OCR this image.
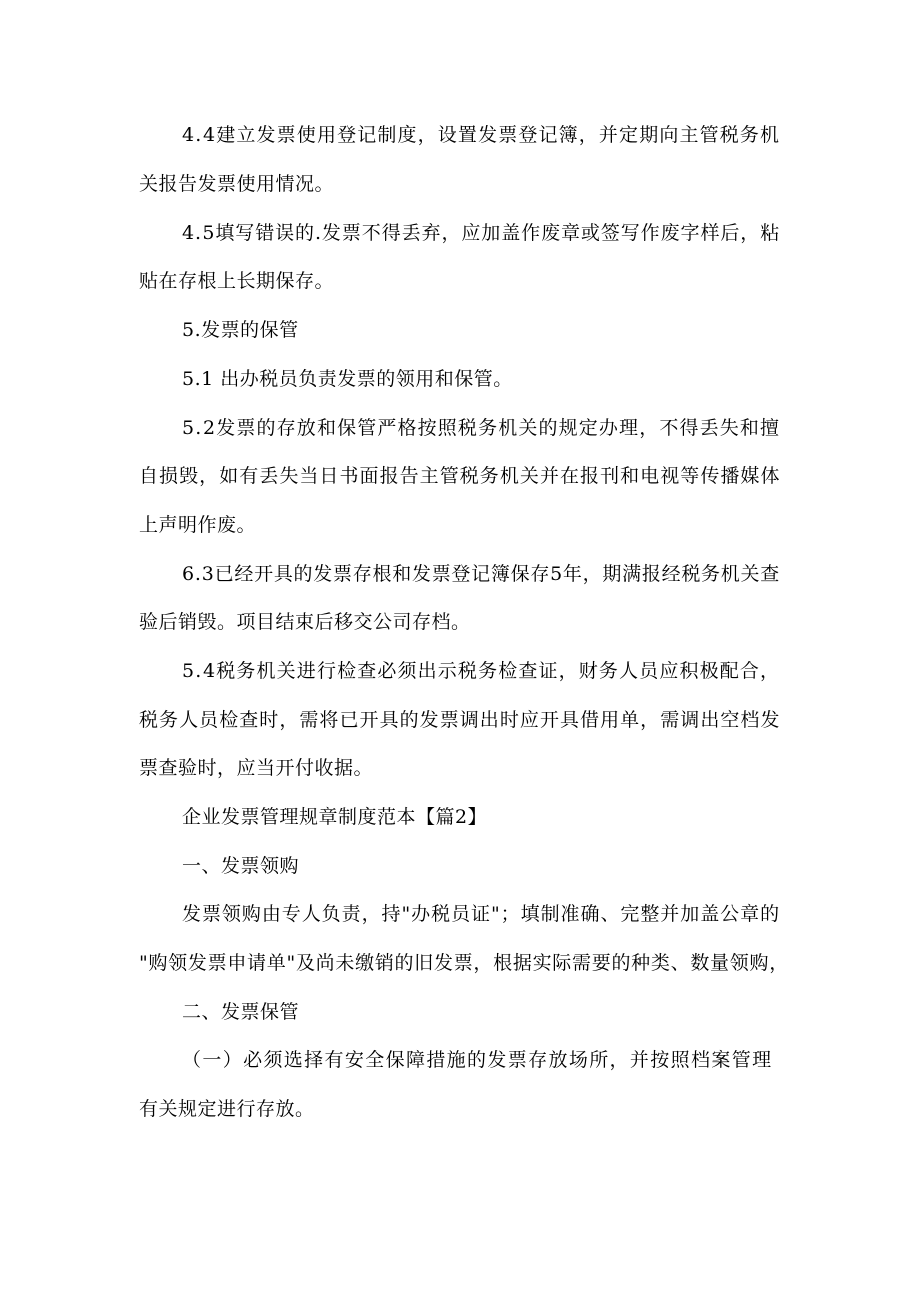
4 . 4 建 立 发 票 使 用 登 记 制 度 ， 设 置 发 票 登 记 簿 ， 并 定 期 向 主 管 税 务 机
关报告发票使用情况。
4 . 5 填 写 错 误 的 . 发 票 不 得 丢 弃 ， 应 加 盖 作 废 章 或 签 写 作 废 字 样 后 ， 粘
贴在存根上长期保存。
5.发票的保管
5.1 出办税员负责发票的领用和保管。
5 . 2 发 票 的 存 放 和 保 管 严 格 按 照 税 务 机 关 的 规 定 办 理 ， 不 得 丢 失 和 擅
自 损 毁 ， 如 有 丢 失 当 日 书 面 报 告 主 管 税 务 机 关 并 在 报 刊 和 电 视 等 传 播 媒 体
上声明作废。
6 . 3 已 经 开 具 的 发 票 存 根 和 发 票 登 记 簿 保 存 5 年 ， 期 满 报 经 税 务 机 关 查
验后销毁。项目结束后移交公司存档。
5 . 4 税 务 机 关 进 行 检 查 必 须 出 示 税 务 检 查 证 ， 财 务 人 员 应 积 极 配 合 ，
税 务 人 员 检 查 时 ， 需 将 已 开 具 的 发 票 调 出 时 应 开 具 借 用 单 ， 需 调 出 空 档 发
票查验时，应当开付收据。
企业发票管理规章制度范本【篇2】
一、发票领购
发 票 领 购 由 专 人 负 责 ， 持 " 办 税 员 证 " ； 填 制 准 确 、 完 整 并 加 盖 公 章 的
" 购 领 发 票 申 请 单 " 及 尚 未 缴 销 的 旧 发 票 ， 根 据 实 际 需 要 的 种 类 、 数 量 领 购 ，
二、发票保管
（ 一 ） 必 须 选 择 有 安 全 保 障 措 施 的 发 票 存 放 场 所 ， 并 按 照 档 案 管 理
有关规定进行存放。
